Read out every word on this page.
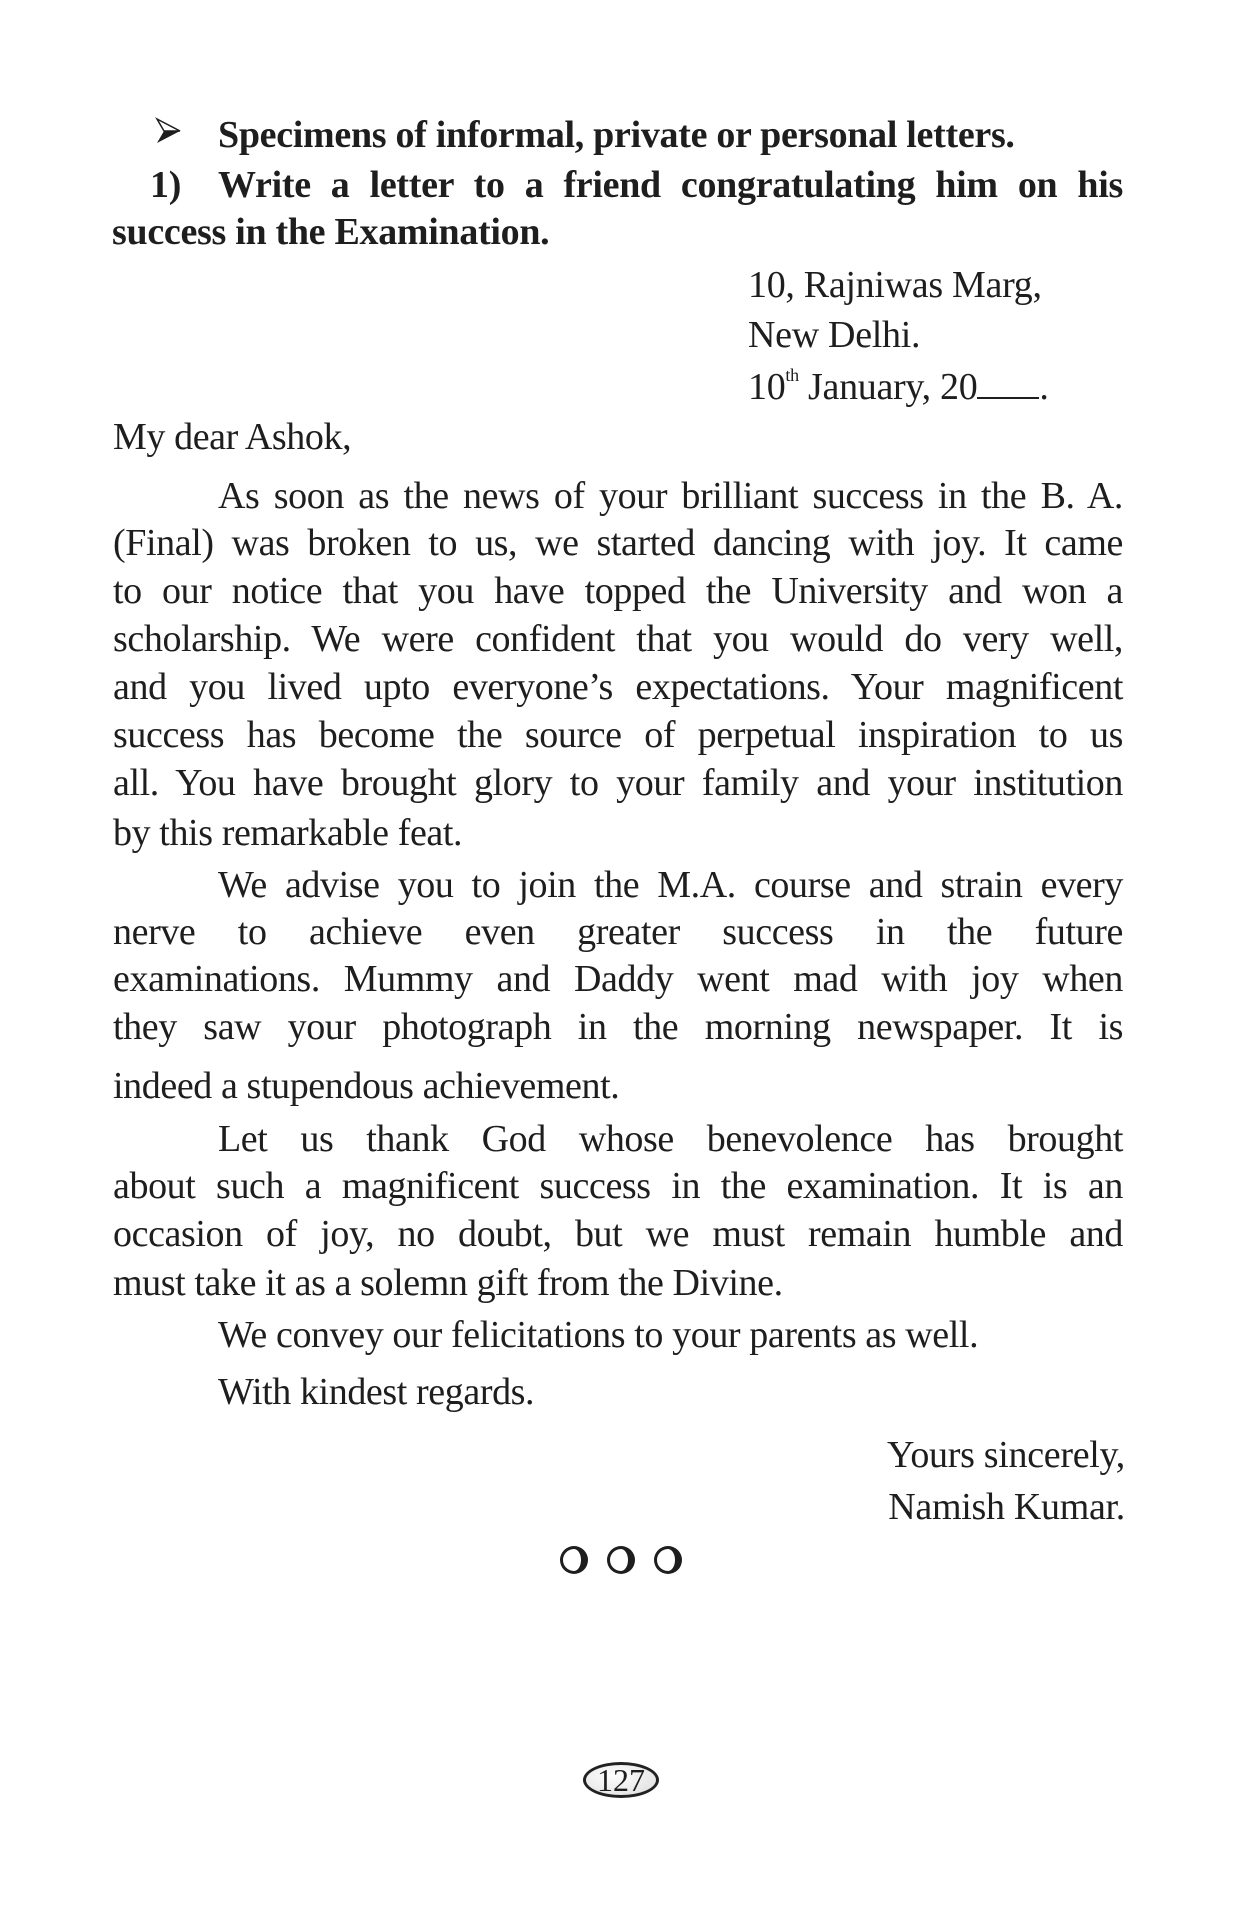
Specimens of informal, private or personal letters.
1) Write a letter to a friend congratulating him on his
success in the Examination.
10, Rajniwas Marg,
New Delhi.
10th January, 20 .
My dear Ashok,
As soon as the news of your brilliant success in the B. A.
(Final) was broken to us, we started dancing with joy. It came
to our notice that you have topped the University and won a
scholarship. We were confident that you would do very well,
and you lived upto everyone’s expectations. Your magnificent
success has become the source of perpetual inspiration to us
all. You have brought glory to your family and your institution
by this remarkable feat.
We advise you to join the M.A. course and strain every
nerve to achieve even greater success in the future
examinations. Mummy and Daddy went mad with joy when
they saw your photograph in the morning newspaper. It is
indeed a stupendous achievement.
Let us thank God whose benevolence has brought
about such a magnificent success in the examination. It is an
occasion of joy, no doubt, but we must remain humble and
must take it as a solemn gift from the Divine.
We convey our felicitations to your parents as well.
With kindest regards.
Yours sincerely,
Namish Kumar.
127
